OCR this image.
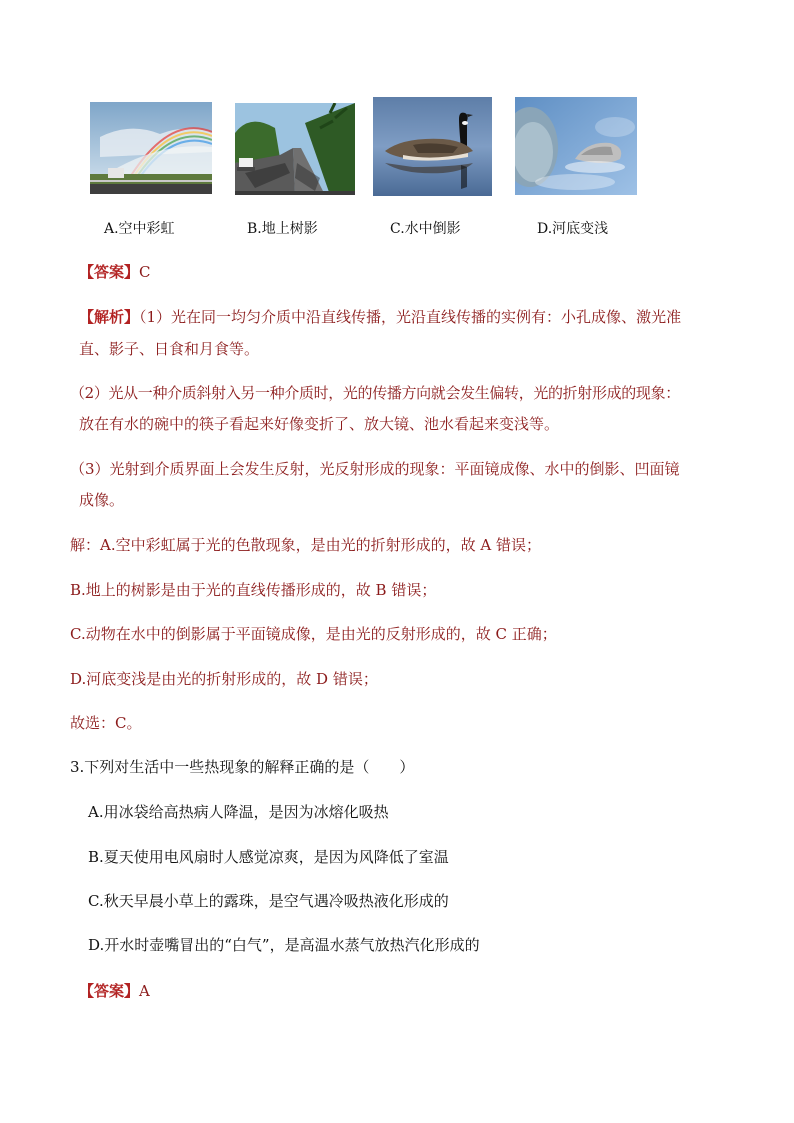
A.空中彩虹	B.地上树影	C.水中倒影	D.河底变浅
【答案】C
【解析】（1）光在同一均匀介质中沿直线传播，光沿直线传播的实例有：小孔成像、激光准
直、影子、日食和月食等。
（2）光从一种介质斜射入另一种介质时，光的传播方向就会发生偏转，光的折射形成的现象：
放在有水的碗中的筷子看起来好像变折了、放大镜、池水看起来变浅等。
（3）光射到介质界面上会发生反射，光反射形成的现象：平面镜成像、水中的倒影、凹面镜
成像。
解：A.空中彩虹属于光的色散现象，是由光的折射形成的，故 A 错误；
B.地上的树影是由于光的直线传播形成的，故 B 错误；
C.动物在水中的倒影属于平面镜成像，是由光的反射形成的，故 C 正确；
D.河底变浅是由光的折射形成的，故 D 错误；
故选：C。
3.下列对生活中一些热现象的解释正确的是（　　）
A.用冰袋给高热病人降温，是因为冰熔化吸热
B.夏天使用电风扇时人感觉凉爽，是因为风降低了室温
C.秋天早晨小草上的露珠，是空气遇冷吸热液化形成的
D.开水时壶嘴冒出的“白气”，是高温水蒸气放热汽化形成的
【答案】A
